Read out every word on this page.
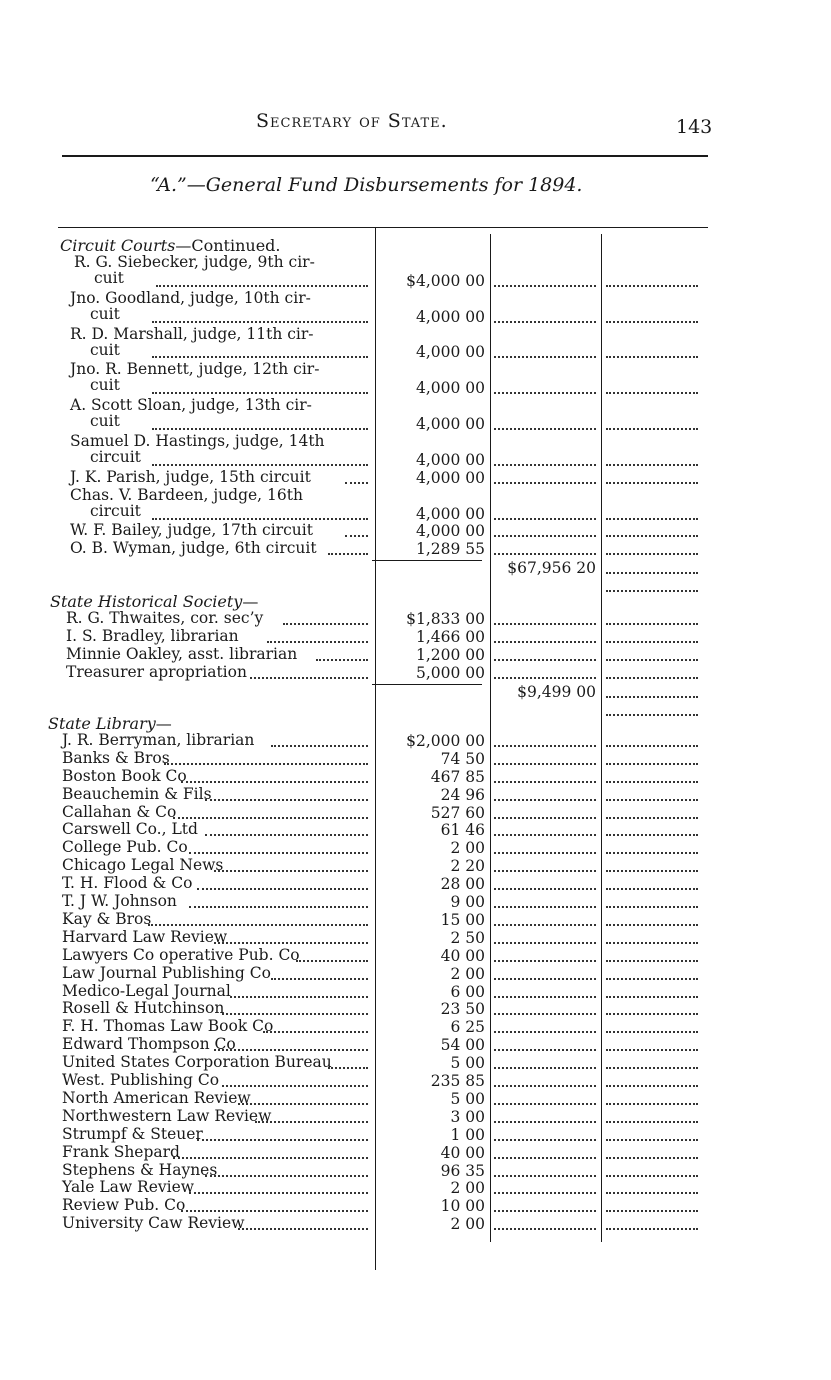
Secretary of State.	143
“A.”—General Fund Disbursements for 1894.
Circuit Courts—Continued.
R. G. Siebecker, judge, 9th cir-
cuit	$4,000 00
Jno. Goodland, judge, 10th cir-
cuit	4,000 00
R. D. Marshall, judge, 11th cir-
cuit	4,000 00
Jno. R. Bennett, judge, 12th cir-
cuit	4,000 00
A. Scott Sloan, judge, 13th cir-
cuit	4,000 00
Samuel D. Hastings, judge, 14th
circuit	4,000 00
J. K. Parish, judge, 15th circuit	4,000 00
Chas. V. Bardeen, judge, 16th
circuit	4,000 00
W. F. Bailey, judge, 17th circuit	4,000 00
O. B. Wyman, judge, 6th circuit	1,289 55
$67,956 20
State Historical Society—
R. G. Thwaites, cor. sec’y	$1,833 00
I. S. Bradley, librarian	1,466 00
Minnie Oakley, asst. librarian	1,200 00
Treasurer apropriation	5,000 00
$9,499 00
State Library—
J. R. Berryman, librarian	$2,000 00
Banks & Bros	74 50
Boston Book Co	467 85
Beauchemin & Fils	24 96
Callahan & Co	527 60
Carswell Co., Ltd	61 46
College Pub. Co	2 00
Chicago Legal News	2 20
T. H. Flood & Co	28 00
T. J W. Johnson	9 00
Kay & Bros	15 00
Harvard Law Review	2 50
Lawyers Co operative Pub. Co	40 00
Law Journal Publishing Co	2 00
Medico-Legal Journal	6 00
Rosell & Hutchinson	23 50
F. H. Thomas Law Book Co	6 25
Edward Thompson Co	54 00
United States Corporation Bureau	5 00
West. Publishing Co	235 85
North American Review	5 00
Northwestern Law Review	3 00
Strumpf & Steuer	1 00
Frank Shepard	40 00
Stephens & Haynes	96 35
Yale Law Review	2 00
Review Pub. Co	10 00
University Caw Review	2 00
